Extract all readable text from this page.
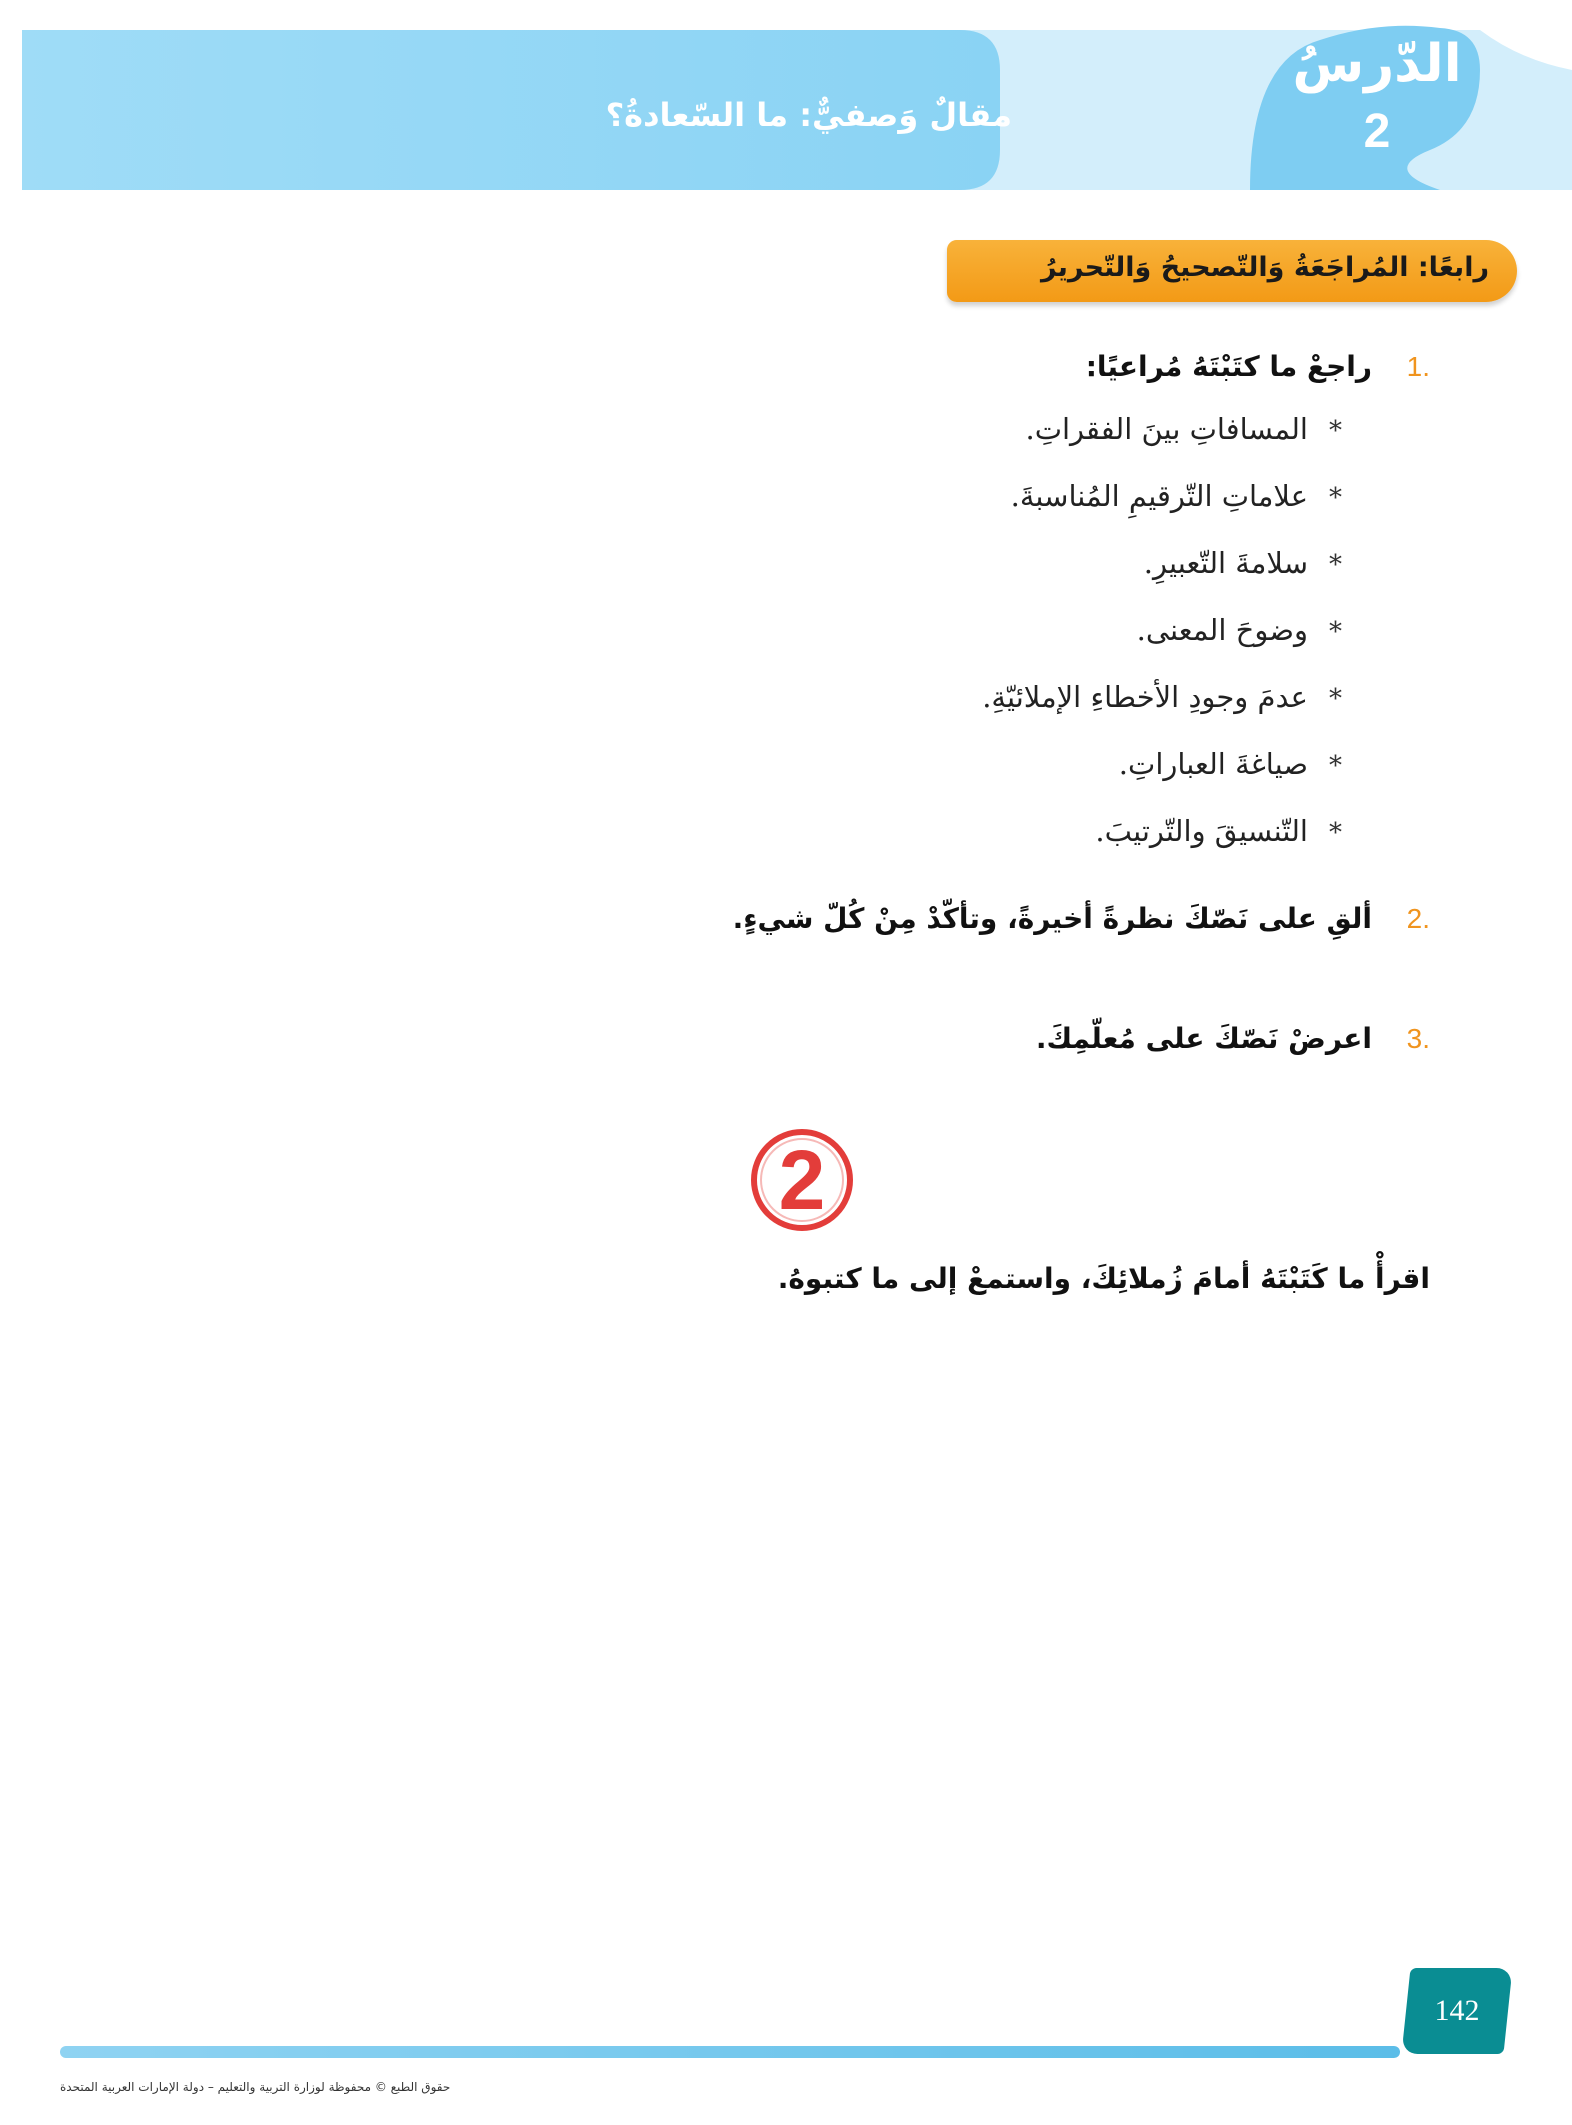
الدّرسُ
2
مقالٌ وَصفيٌّ: ما السّعادةُ؟
رابعًا: المُراجَعَةُ وَالتّصحيحُ وَالتّحريرُ
.1
راجعْ ما كتَبْتَهُ مُراعيًا:
*
المسافاتِ بينَ الفقراتِ.
*
علاماتِ التّرقيمِ المُناسبةَ.
*
سلامةَ التّعبيرِ.
*
وضوحَ المعنى.
*
عدمَ وجودِ الأخطاءِ الإملائيّةِ.
*
صياغةَ العباراتِ.
*
التّنسيقَ والتّرتيبَ.
.2
ألقِ على نَصّكَ نظرةً أخيرةً، وتأكّدْ مِنْ كُلّ شيءٍ.
.3
اعرضْ نَصّكَ على مُعلّمِكَ.
2
اقرأْ ما كَتَبْتَهُ أمامَ زُملائِكَ، واستمعْ إلى ما كتبوهُ.
142
حقوق الطبع © محفوظة لوزارة التربية والتعليم – دولة الإمارات العربية المتحدة
